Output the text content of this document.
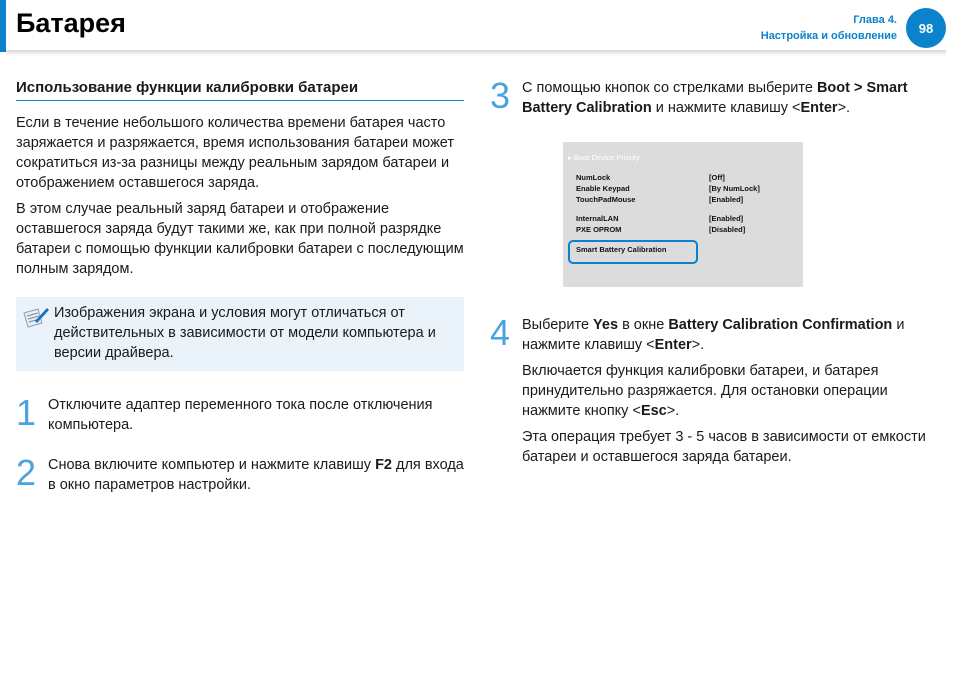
Батарея	Глава 4.
Настройка и обновление
98
Использование функции калибровки батареи

Если в течение небольшого количества времени батарея часто заряжается и разряжается, время использования батареи может сократиться из-за разницы между реальным зарядом батареи и отображением оставшегося заряда.

В этом случае реальный заряд батареи и отображение оставшегося заряда будут такими же, как при полной разрядке батареи с помощью функции калибровки батареи с последующим полным зарядом.

Изображения экрана и условия могут отличаться от действительных в зависимости от модели компьютера и версии драйвера.
1 Отключите адаптер переменного тока после отключения компьютера.
2 Снова включите компьютер и нажмите клавишу F2 для входа в окно параметров настройки.
3 С помощью кнопок со стрелками выберите Boot > Smart Battery Calibration и нажмите клавишу <Enter>.
▸ Boot Device Priority
NumLock	[Off]
Enable Keypad	[By NumLock]
TouchPadMouse	[Enabled]
InternalLAN	[Enabled]
PXE OPROM	[Disabled]
Smart Battery Calibration
4 Выберите Yes в окне Battery Calibration Confirmation и нажмите клавишу <Enter>.

Включается функция калибровки батареи, и батарея принудительно разряжается. Для остановки операции нажмите кнопку <Esc>.

Эта операция требует 3 - 5 часов в зависимости от емкости батареи и оставшегося заряда батареи.
